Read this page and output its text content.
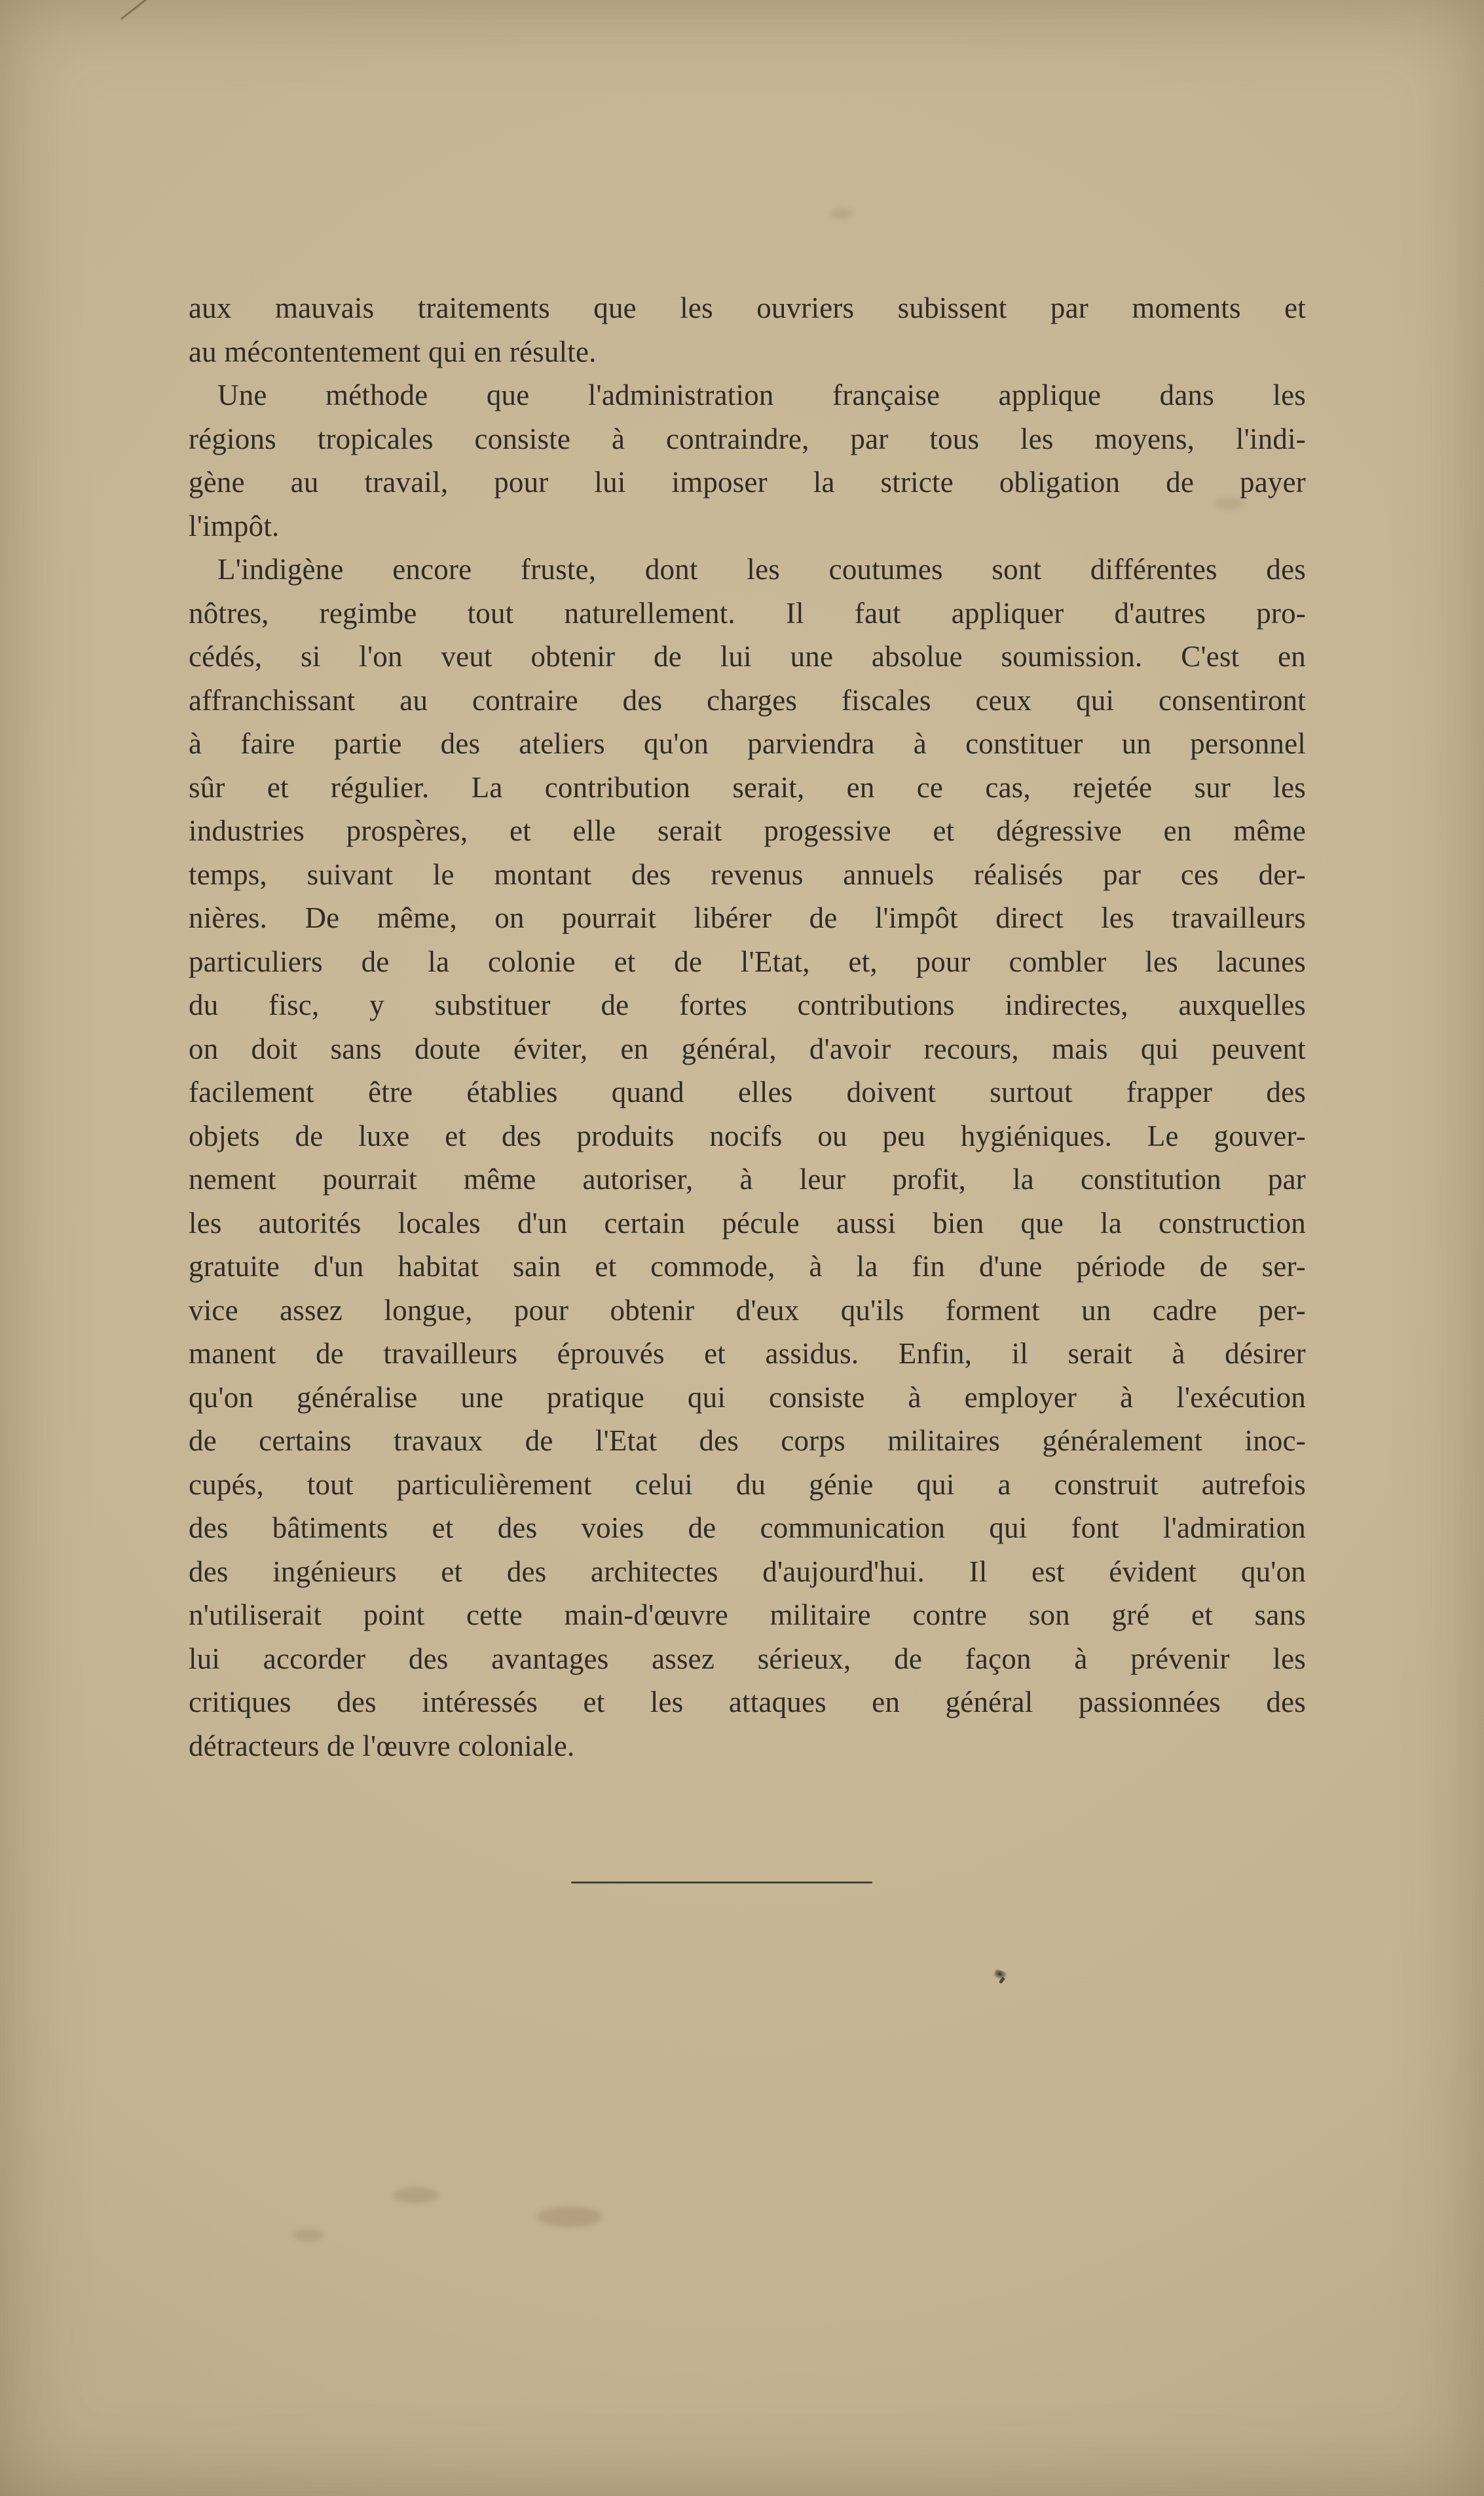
aux mauvais traitements que les ouvriers subissent par moments et
au mécontentement qui en résulte.
Une méthode que l'administration française applique dans les
régions tropicales consiste à contraindre, par tous les moyens, l'indi-
gène au travail, pour lui imposer la stricte obligation de payer
l'impôt.
L'indigène encore fruste, dont les coutumes sont différentes des
nôtres, regimbe tout naturellement. Il faut appliquer d'autres pro-
cédés, si l'on veut obtenir de lui une absolue soumission. C'est en
affranchissant au contraire des charges fiscales ceux qui consentiront
à faire partie des ateliers qu'on parviendra à constituer un personnel
sûr et régulier. La contribution serait, en ce cas, rejetée sur les
industries prospères, et elle serait progessive et dégressive en même
temps, suivant le montant des revenus annuels réalisés par ces der-
nières. De même, on pourrait libérer de l'impôt direct les travailleurs
particuliers de la colonie et de l'Etat, et, pour combler les lacunes
du fisc, y substituer de fortes contributions indirectes, auxquelles
on doit sans doute éviter, en général, d'avoir recours, mais qui peuvent
facilement être établies quand elles doivent surtout frapper des
objets de luxe et des produits nocifs ou peu hygiéniques. Le gouver-
nement pourrait même autoriser, à leur profit, la constitution par
les autorités locales d'un certain pécule aussi bien que la construction
gratuite d'un habitat sain et commode, à la fin d'une période de ser-
vice assez longue, pour obtenir d'eux qu'ils forment un cadre per-
manent de travailleurs éprouvés et assidus. Enfin, il serait à désirer
qu'on généralise une pratique qui consiste à employer à l'exécution
de certains travaux de l'Etat des corps militaires généralement inoc-
cupés, tout particulièrement celui du génie qui a construit autrefois
des bâtiments et des voies de communication qui font l'admiration
des ingénieurs et des architectes d'aujourd'hui. Il est évident qu'on
n'utiliserait point cette main-d'œuvre militaire contre son gré et sans
lui accorder des avantages assez sérieux, de façon à prévenir les
critiques des intéressés et les attaques en général passionnées des
détracteurs de l'œuvre coloniale.
